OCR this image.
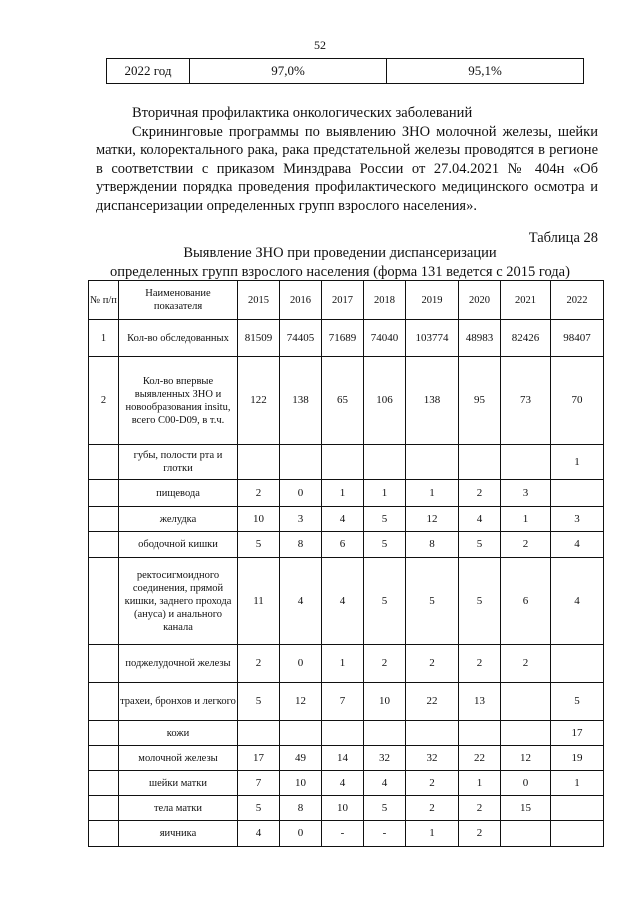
52
2022 год	97,0%	95,1%
Вторичная профилактика онкологических заболеваний
Скрининговые программы по выявлению ЗНО молочной железы, шейки матки, колоректального рака, рака предстательной железы проводятся в регионе в соответствии с приказом Минздрава России от 27.04.2021 № 404н «Об утверждении порядка проведения профилактического медицинского осмотра и диспансеризации определенных групп взрослого населения».
Таблица 28
Выявление ЗНО при проведении диспансеризации
определенных групп взрослого населения (форма 131 ведется с 2015 года)
№ п/п	Наименование показателя	2015	2016	2017	2018	2019	2020	2021	2022
1	Кол-во обследованных	81509	74405	71689	74040	103774	48983	82426	98407
2	Кол-во впервые выявленных ЗНО и новообразования insitu, всего С00-D09, в т.ч.	122	138	65	106	138	95	73	70
	губы, полости рта и глотки								1
	пищевода	2	0	1	1	1	2	3	
	желудка	10	3	4	5	12	4	1	3
	ободочной кишки	5	8	6	5	8	5	2	4
	ректосигмоидного соединения, прямой кишки, заднего прохода (ануса) и анального канала	11	4	4	5	5	5	6	4
	поджелудочной железы	2	0	1	2	2	2	2	
	трахеи, бронхов и легкого	5	12	7	10	22	13		5
	кожи								17
	молочной железы	17	49	14	32	32	22	12	19
	шейки матки	7	10	4	4	2	1	0	1
	тела матки	5	8	10	5	2	2	15	
	яичника	4	0	-	-	1	2		
